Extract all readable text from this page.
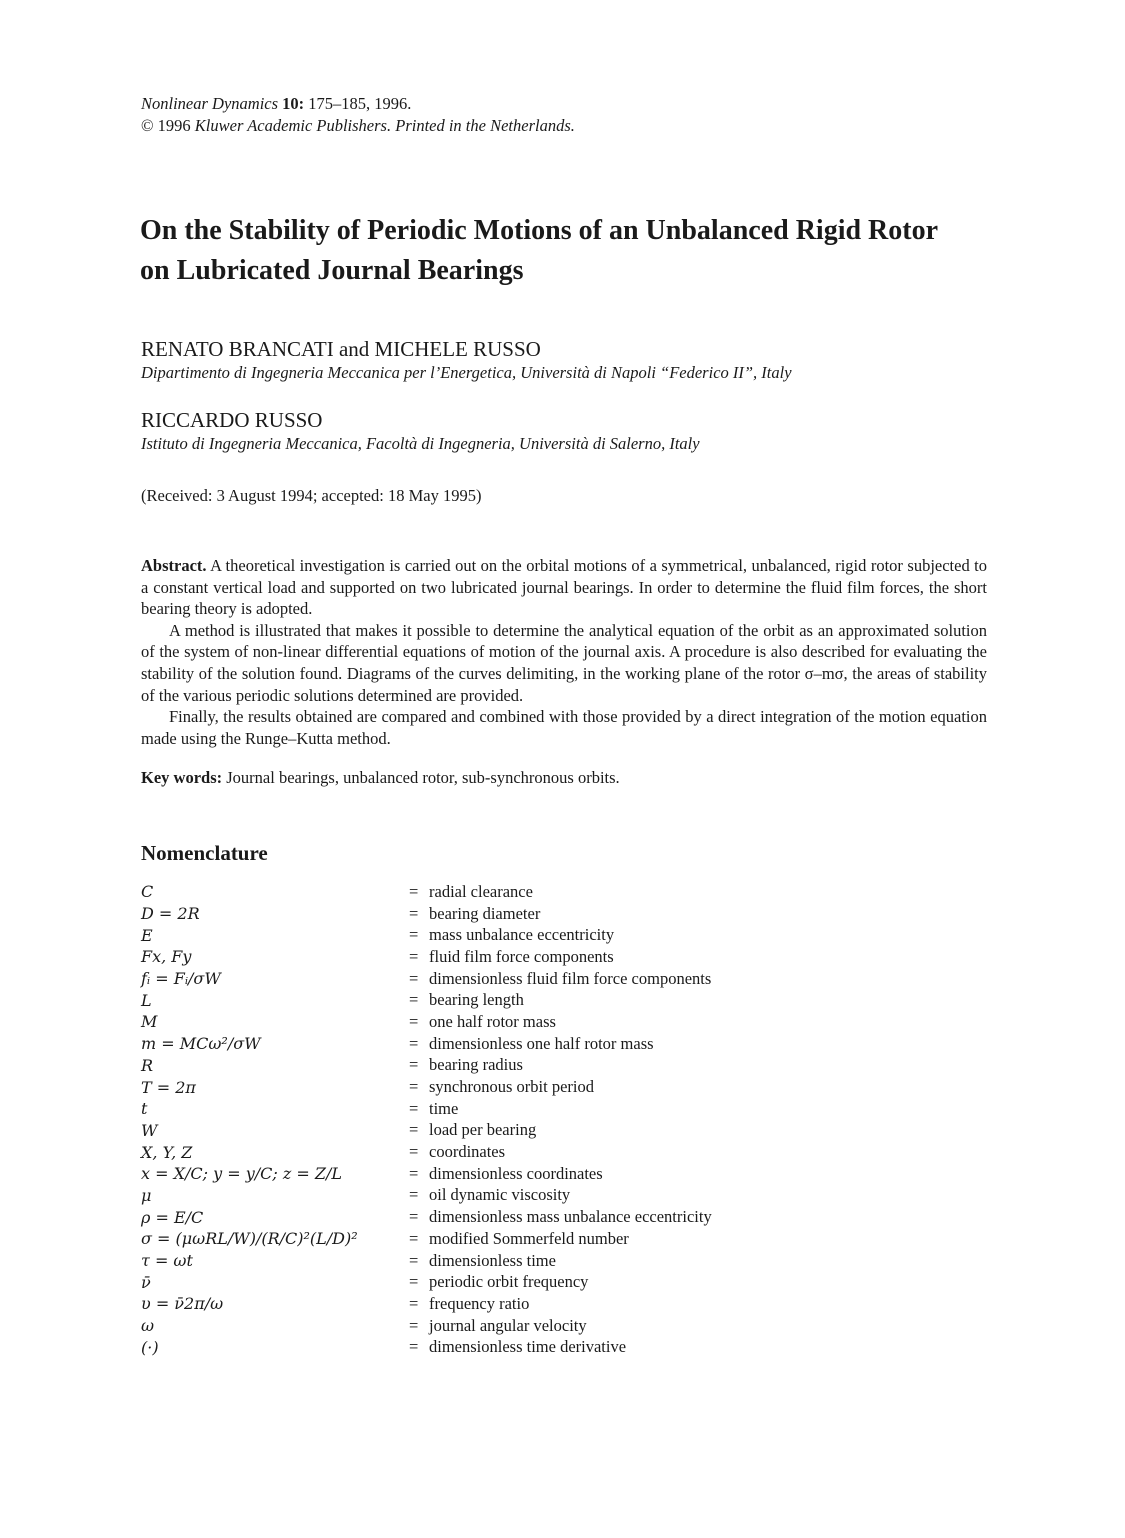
Nonlinear Dynamics 10: 175–185, 1996.
© 1996 Kluwer Academic Publishers. Printed in the Netherlands.
On the Stability of Periodic Motions of an Unbalanced Rigid Rotor
on Lubricated Journal Bearings
RENATO BRANCATI and MICHELE RUSSO
Dipartimento di Ingegneria Meccanica per l’Energetica, Università di Napoli “Federico II”, Italy
RICCARDO RUSSO
Istituto di Ingegneria Meccanica, Facoltà di Ingegneria, Università di Salerno, Italy
(Received: 3 August 1994; accepted: 18 May 1995)

Abstract. A theoretical investigation is carried out on the orbital motions of a symmetrical, unbalanced, rigid rotor subjected to a constant vertical load and supported on two lubricated journal bearings. In order to determine the fluid film forces, the short bearing theory is adopted.

A method is illustrated that makes it possible to determine the analytical equation of the orbit as an approximated solution of the system of non-linear differential equations of motion of the journal axis. A procedure is also described for evaluating the stability of the solution found. Diagrams of the curves delimiting, in the working plane of the rotor σ–mσ, the areas of stability of the various periodic solutions determined are provided.

Finally, the results obtained are compared and combined with those provided by a direct integration of the motion equation made using the Runge–Kutta method.

Key words: Journal bearings, unbalanced rotor, sub-synchronous orbits.
Nomenclature
C	= radial clearance
D = 2R	= bearing diameter
E	= mass unbalance eccentricity
Fx, Fy	= fluid film force components
fᵢ = Fᵢ/σW	= dimensionless fluid film force components
L	= bearing length
M	= one half rotor mass
m = MCω²/σW	= dimensionless one half rotor mass
R	= bearing radius
T = 2π	= synchronous orbit period
t	= time
W	= load per bearing
X, Y, Z	= coordinates
x = X/C; y = y/C; z = Z/L	= dimensionless coordinates
μ	= oil dynamic viscosity
ρ = E/C	= dimensionless mass unbalance eccentricity
σ = (μωRL/W)/(R/C)²(L/D)²	= modified Sommerfeld number
τ = ωt	= dimensionless time
ν̄	= periodic orbit frequency
υ = ν̄2π/ω	= frequency ratio
ω	= journal angular velocity
(·)	= dimensionless time derivative
